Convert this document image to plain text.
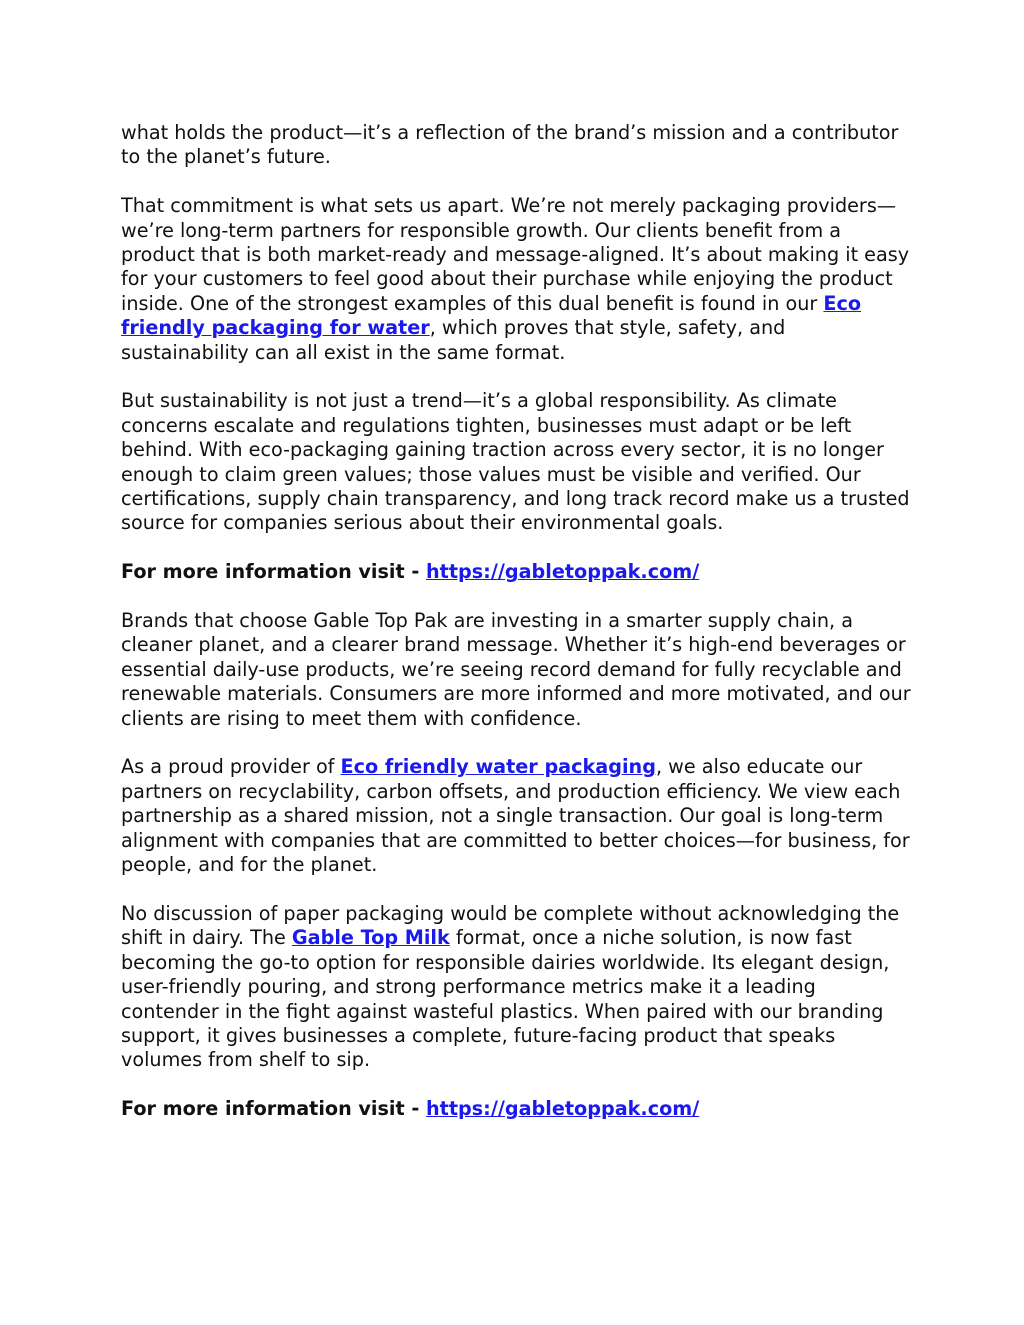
what holds the product—it’s a reflection of the brand’s mission and a contributor to the planet’s future.

That commitment is what sets us apart. We’re not merely packaging providers—we’re long-term partners for responsible growth. Our clients benefit from a product that is both market-ready and message-aligned. It’s about making it easy for your customers to feel good about their purchase while enjoying the product inside. One of the strongest examples of this dual benefit is found in our Eco friendly packaging for water, which proves that style, safety, and sustainability can all exist in the same format.

But sustainability is not just a trend—it’s a global responsibility. As climate concerns escalate and regulations tighten, businesses must adapt or be left behind. With eco-packaging gaining traction across every sector, it is no longer enough to claim green values; those values must be visible and verified. Our certifications, supply chain transparency, and long track record make us a trusted source for companies serious about their environmental goals.

For more information visit - https://gabletoppak.com/

Brands that choose Gable Top Pak are investing in a smarter supply chain, a cleaner planet, and a clearer brand message. Whether it’s high-end beverages or essential daily-use products, we’re seeing record demand for fully recyclable and renewable materials. Consumers are more informed and more motivated, and our clients are rising to meet them with confidence.

As a proud provider of Eco friendly water packaging, we also educate our partners on recyclability, carbon offsets, and production efficiency. We view each partnership as a shared mission, not a single transaction. Our goal is long-term alignment with companies that are committed to better choices—for business, for people, and for the planet.

No discussion of paper packaging would be complete without acknowledging the shift in dairy. The Gable Top Milk format, once a niche solution, is now fast becoming the go-to option for responsible dairies worldwide. Its elegant design, user-friendly pouring, and strong performance metrics make it a leading contender in the fight against wasteful plastics. When paired with our branding support, it gives businesses a complete, future-facing product that speaks volumes from shelf to sip.

For more information visit - https://gabletoppak.com/
